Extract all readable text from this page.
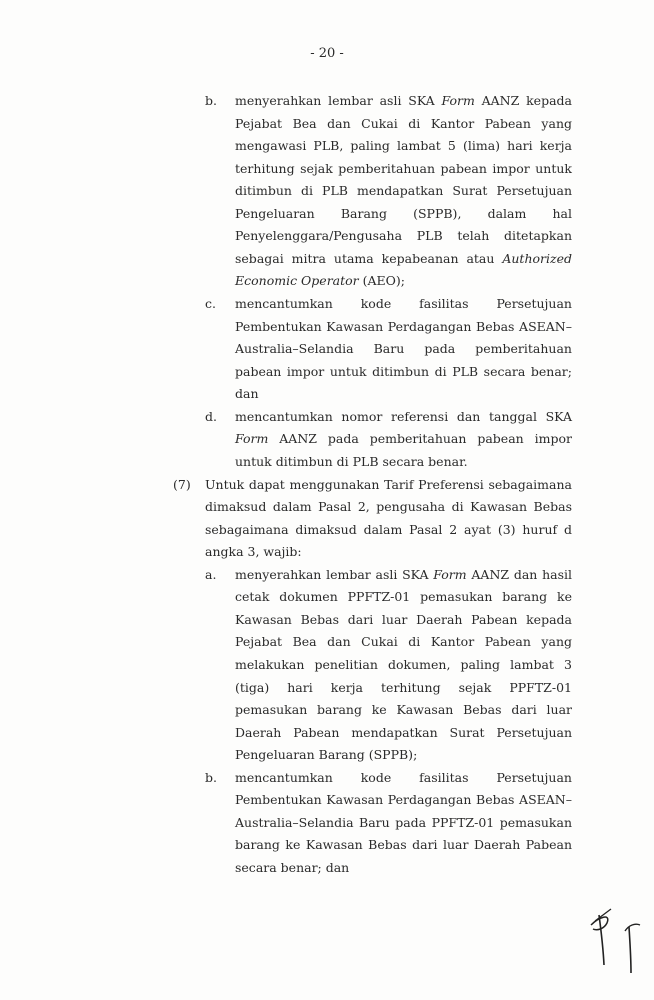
- 20 -
b. menyerahkan lembar asli SKA Form AANZ kepada
Pejabat Bea dan Cukai di Kantor Pabean yang
mengawasi PLB, paling lambat 5 (lima) hari kerja
terhitung sejak pemberitahuan pabean impor untuk
ditimbun di PLB mendapatkan Surat Persetujuan
Pengeluaran Barang (SPPB), dalam hal
Penyelenggara/Pengusaha PLB telah ditetapkan
sebagai mitra utama kepabeanan atau Authorized
Economic Operator (AEO);
c. mencantumkan kode fasilitas Persetujuan
Pembentukan Kawasan Perdagangan Bebas ASEAN–
Australia–Selandia Baru pada pemberitahuan
pabean impor untuk ditimbun di PLB secara benar;
dan
d. mencantumkan nomor referensi dan tanggal SKA
Form AANZ pada pemberitahuan pabean impor
untuk ditimbun di PLB secara benar.
(7) Untuk dapat menggunakan Tarif Preferensi sebagaimana
dimaksud dalam Pasal 2, pengusaha di Kawasan Bebas
sebagaimana dimaksud dalam Pasal 2 ayat (3) huruf d
angka 3, wajib:
a. menyerahkan lembar asli SKA Form AANZ dan hasil
cetak dokumen PPFTZ-01 pemasukan barang ke
Kawasan Bebas dari luar Daerah Pabean kepada
Pejabat Bea dan Cukai di Kantor Pabean yang
melakukan penelitian dokumen, paling lambat 3
(tiga) hari kerja terhitung sejak PPFTZ-01
pemasukan barang ke Kawasan Bebas dari luar
Daerah Pabean mendapatkan Surat Persetujuan
Pengeluaran Barang (SPPB);
b. mencantumkan kode fasilitas Persetujuan
Pembentukan Kawasan Perdagangan Bebas ASEAN–
Australia–Selandia Baru pada PPFTZ-01 pemasukan
barang ke Kawasan Bebas dari luar Daerah Pabean
secara benar; dan
